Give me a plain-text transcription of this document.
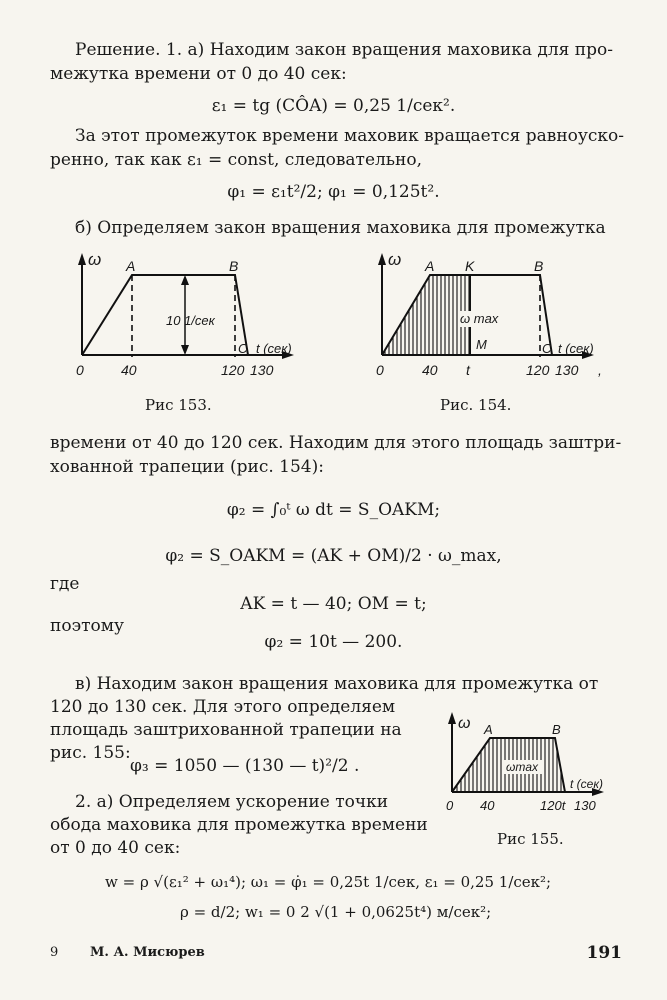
Решение. 1. а) Находим закон вращения маховика для про-
межутка времени от 0 до 40 сек:
ε₁ = tg (CÔA) = 0,25 1/сек².
За этот промежуток времени маховик вращается равноуско-
ренно, так как ε₁ = const, следовательно,
φ₁ = ε₁t²/2; φ₁ = 0,125t².
б) Определяем закон вращения маховика для промежутка
ω A	B
C
10 1/сек
t (сек)
0	40	120 130
ω A K	B
ω max
M	C t (сек)
0	40 t	120 130 ,
Рис 153.	Рис. 154.
времени от 40 до 120 сек. Находим для этого площадь заштри-
хованной трапеции (рис. 154):
φ₂ = ∫₀ᵗ ω dt = S_OAKM;
φ₂ = S_OAKM = (AK + OM)/2 · ω_max,
где
AK = t — 40; OM = t;
поэтому
φ₂ = 10t — 200.
в) Находим закон вращения маховика для промежутка от
120 до 130 сек. Для этого определяем
площадь заштрихованной трапеции на
рис. 155:
φ₃ = 1050 — (130 — t)²/2 .
ω A	B
ωmax
t (сек)
0 40	120t 130
Рис 155.
2. а) Определяем ускорение точки
обода маховика для промежутка времени
от 0 до 40 сек:
w = ρ √(ε₁² + ω₁⁴); ω₁ = φ̇₁ = 0,25t 1/сек, ε₁ = 0,25 1/сек²;
ρ = d/2; w₁ = 0 2 √(1 + 0,0625t⁴) м/сек²;
9 М. А. Мисюрев	191
